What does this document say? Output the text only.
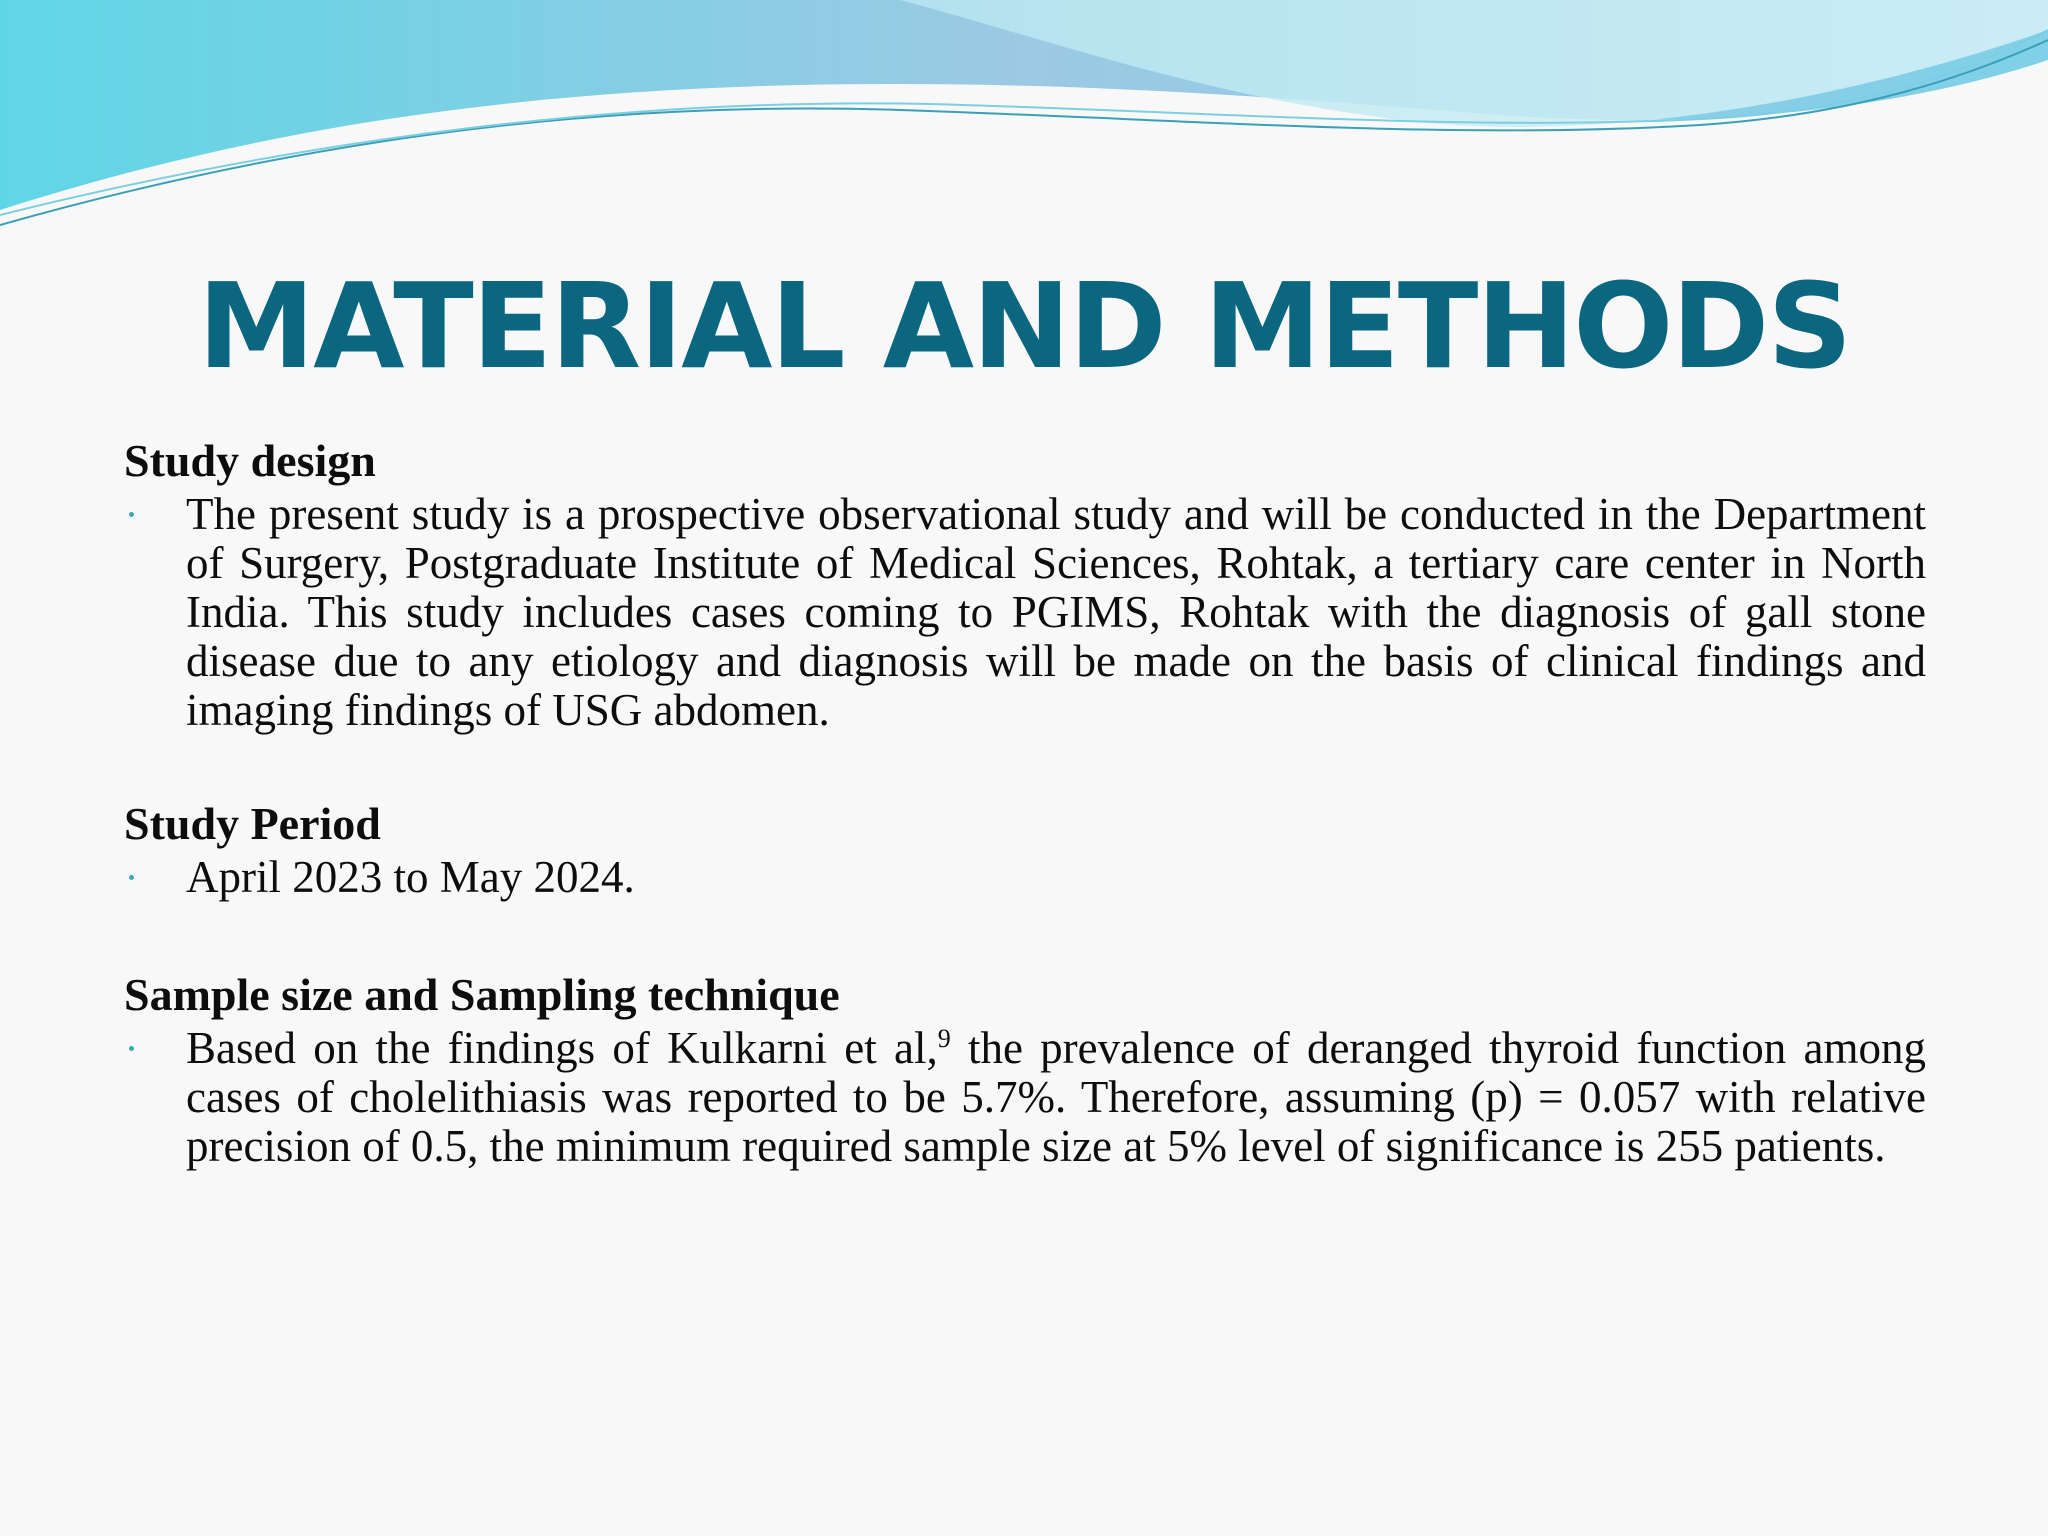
MATERIAL AND METHODS

Study design

The present study is a prospective observational study and will be conducted in the Department of Surgery, Postgraduate Institute of Medical Sciences, Rohtak, a tertiary care center in North India. This study includes cases coming to PGIMS, Rohtak with the diagnosis of gall stone disease due to any etiology and diagnosis will be made on the basis of clinical findings and imaging findings of USG abdomen.

Study Period

April 2023 to May 2024.

Sample size and Sampling technique

Based on the findings of Kulkarni et al,$^9$ the prevalence of deranged thyroid function among cases of cholelithiasis was reported to be 5.7%. Therefore, assuming (p) = 0.057 with relative precision of 0.5, the minimum required sample size at 5% level of significance is 255 patients.
